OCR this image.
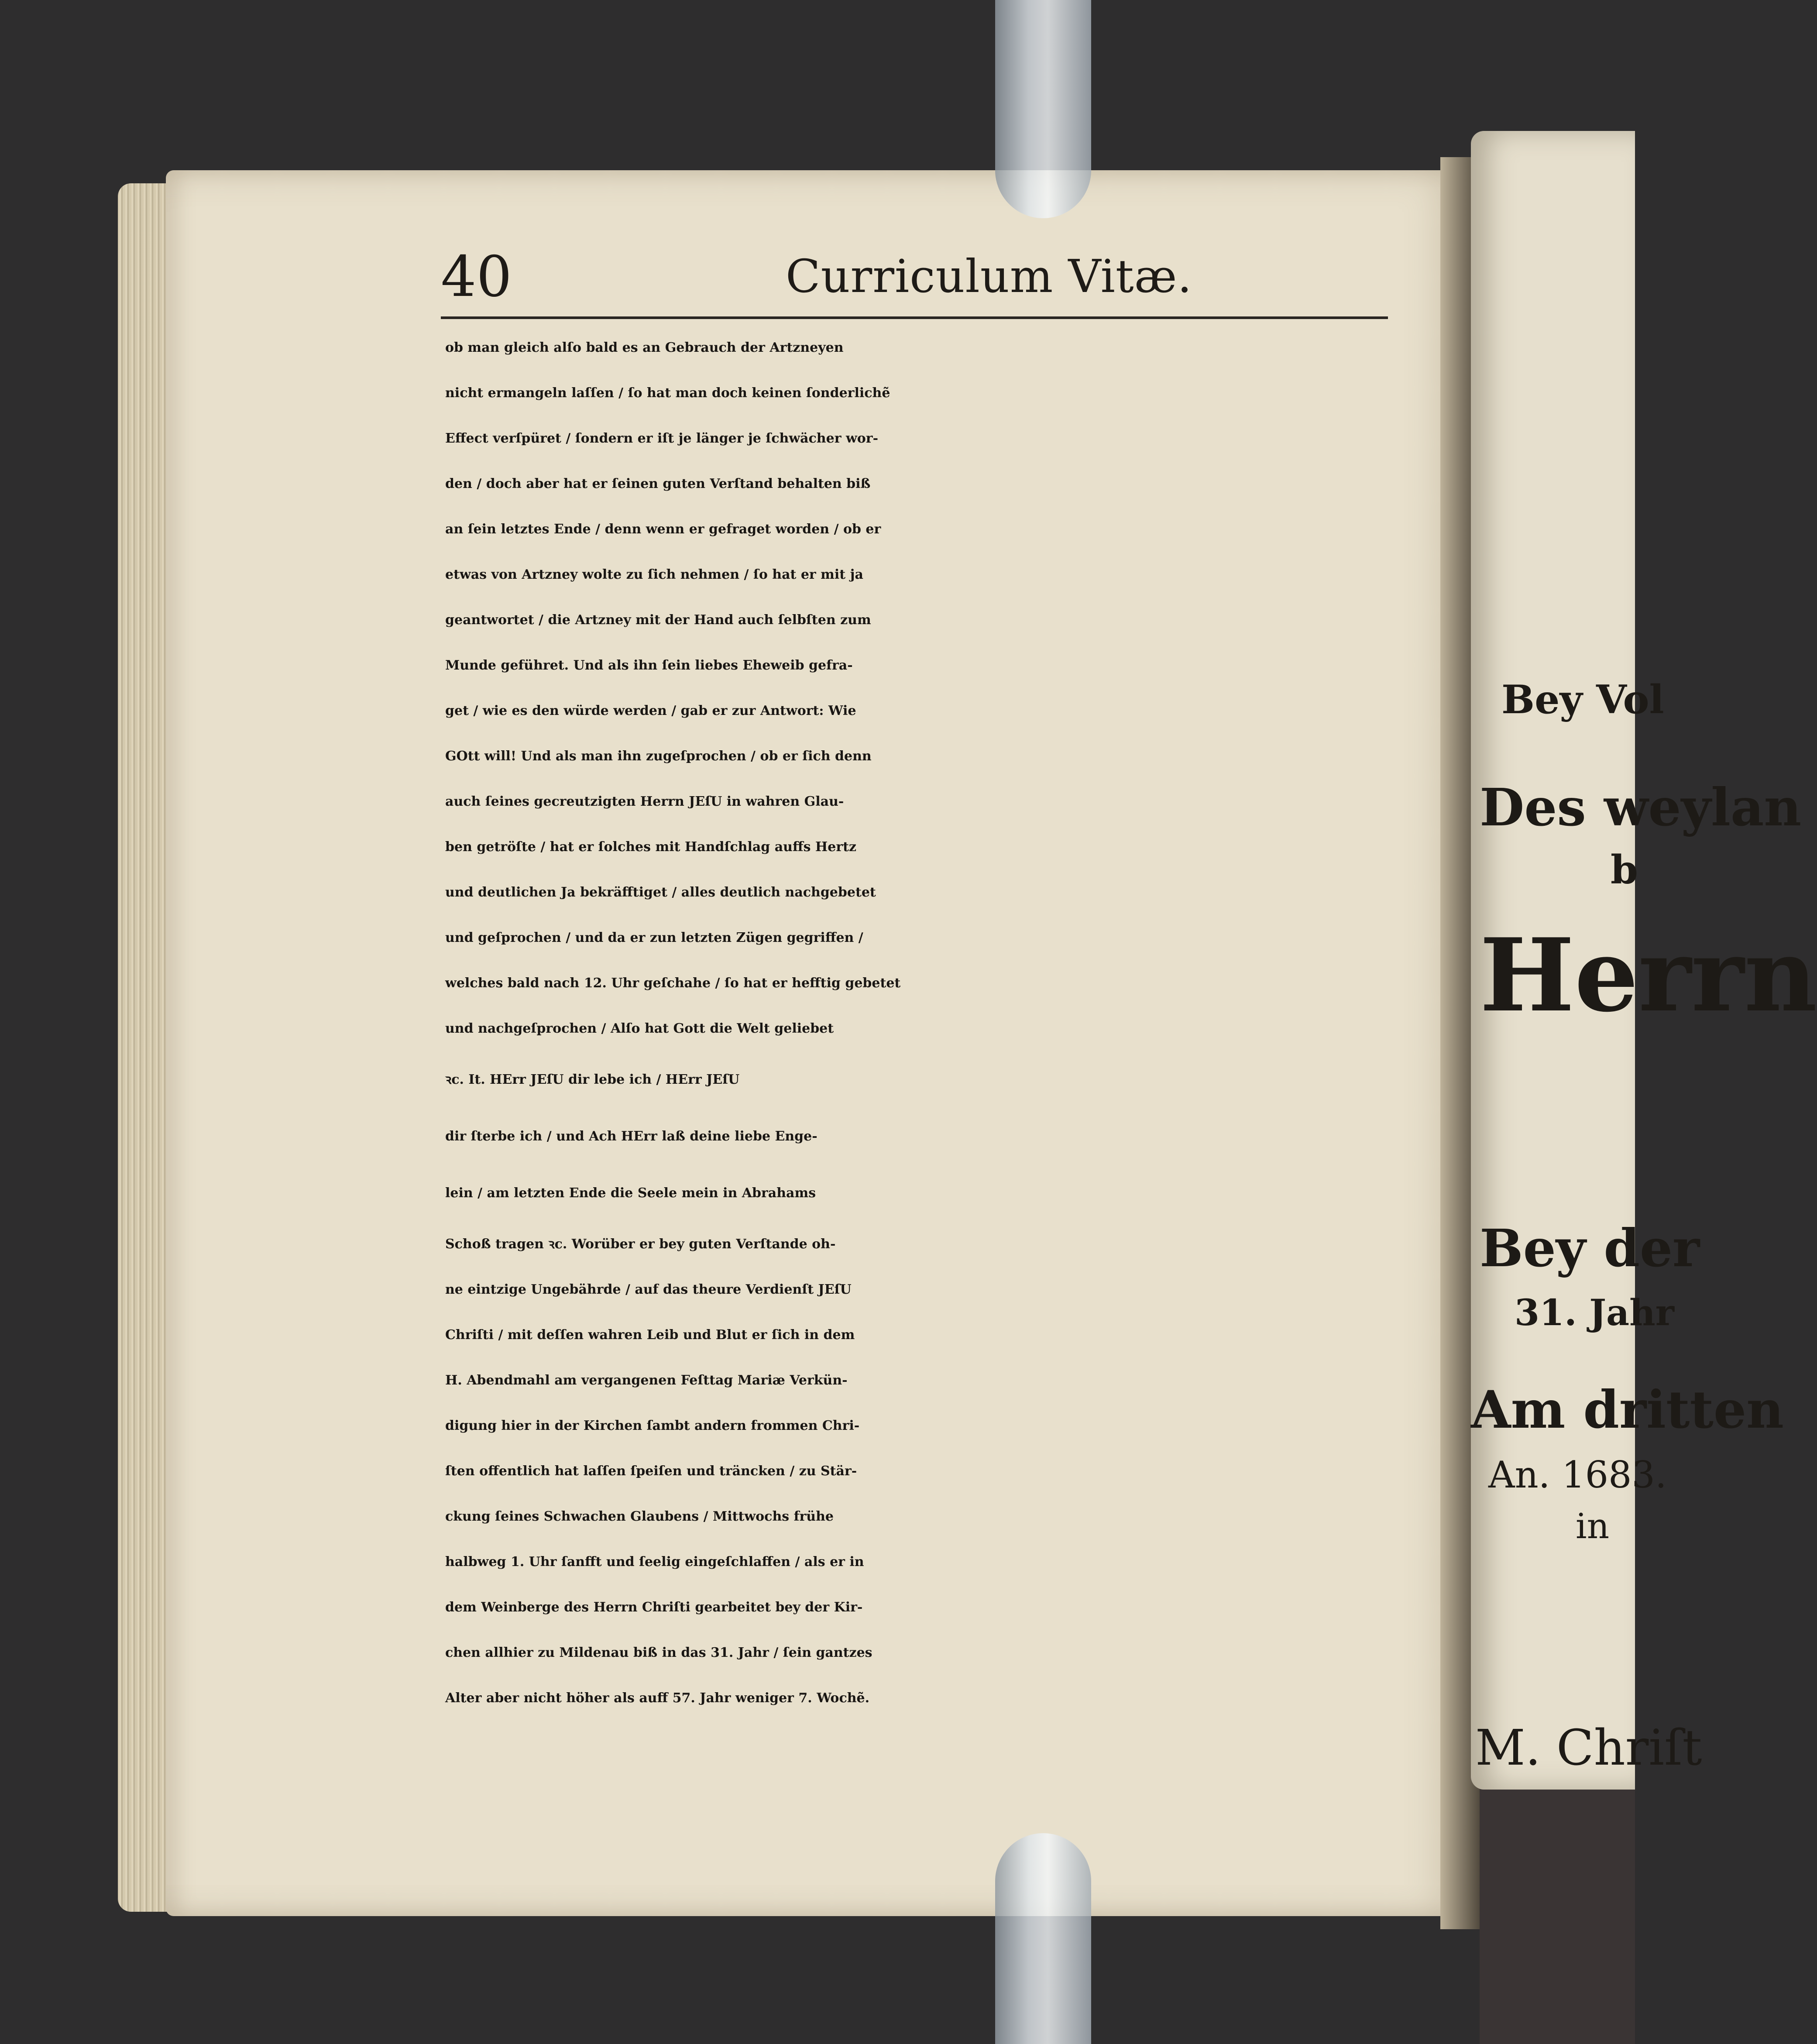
Bey Vol
Des weylan
b
Herrn
Bey der
31. Jahr
Am dritten
An. 1683.
in
M. Chriſt
40	Curriculum Vitæ.
ob man gleich alſo bald es an Gebrauch der Artzneyen
nicht ermangeln laſſen / ſo hat man doch keinen ſonderlichẽ
Effect verſpüret / ſondern er iſt je länger je ſchwächer wor-
den / doch aber hat er ſeinen guten Verſtand behalten biß
an ſein letztes Ende / denn wenn er gefraget worden / ob er
etwas von Artzney wolte zu ſich nehmen / ſo hat er mit ja
geantwortet / die Artzney mit der Hand auch ſelbſten zum
Munde geführet. Und als ihn ſein liebes Eheweib gefra-
get / wie es den würde werden / gab er zur Antwort: Wie
GOtt will! Und als man ihn zugeſprochen / ob er ſich denn
auch ſeines gecreutzigten Herrn JEſU in wahren Glau-
ben getröſte / hat er ſolches mit Handſchlag auffs Hertz
und deutlichen Ja bekräfftiget / alles deutlich nachgebetet
und geſprochen / und da er zun letzten Zügen gegriffen /
welches bald nach 12. Uhr geſchahe / ſo hat er hefftig gebetet
und nachgeſprochen / Alſo hat Gott die Welt geliebet
ꝛc. It. HErr JEſU dir lebe ich / HErr JEſU
dir ſterbe ich / und Ach HErr laß deine liebe Enge-
lein / am letzten Ende die Seele mein in Abrahams
Schoß tragen ꝛc. Worüber er bey guten Verſtande oh-
ne eintzige Ungebährde / auf das theure Verdienſt JEſU
Chriſti / mit deſſen wahren Leib und Blut er ſich in dem
H. Abendmahl am vergangenen Feſttag Mariæ Verkün-
digung hier in der Kirchen ſambt andern frommen Chri-
ſten offentlich hat laſſen ſpeiſen und träncken / zu Stär-
ckung ſeines Schwachen Glaubens / Mittwochs frühe
halbweg 1. Uhr ſanfft und ſeelig eingeſchlaffen / als er in
dem Weinberge des Herrn Chriſti gearbeitet bey der Kir-
chen allhier zu Mildenau biß in das 31. Jahr / ſein gantzes
Alter aber nicht höher als auff 57. Jahr weniger 7. Wochẽ.
